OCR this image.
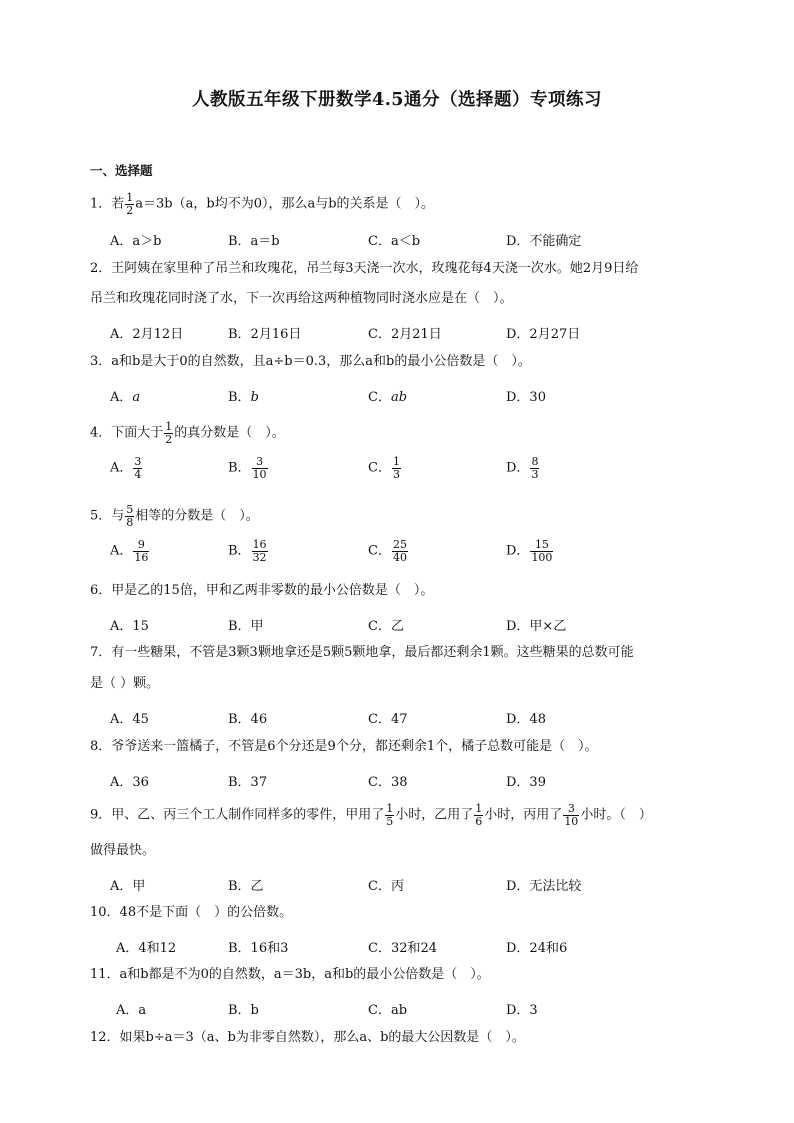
人教版五年级下册数学4.5通分（选择题）专项练习
一、选择题
1．若 $\frac{1}{2} a=3b(a$，b均不为0），那么a与b的关系是（　）。
A．a＞b	B．a＝b	C．a＜b	D．不能确定
2．王阿姨在家里种了吊兰和玫瑰花，吊兰每3天浇一次水，玫瑰花每4天浇一次水。她2月9日给
吊兰和玫瑰花同时浇了水，下一次再给这两种植物同时浇水应是在（　）。
A．2月12日	B．2月16日	C．2月21日	D．2月27日
3．a和b是大于0的自然数，且a÷b＝0.3，那么a和b的最小公倍数是（　）。
A．a	B．b	C．ab	D．30
4．下面大于 $\frac{1}{2}$ 的真分数是（　）。
A． $\frac{3}{4}$	B． $\frac{3}{10}$	C． $\frac{1}{3}$	D． $\frac{8}{3}$
5．与 $\frac{5}{8}$ 相等的分数是（　）。
A． $\frac{9}{16}$	B． $\frac{16}{32}$	C． $\frac{25}{40}$	D． $\frac{15}{100}$
6．甲是乙的15倍，甲和乙两非零数的最小公倍数是（　）。
A．15	B．甲	C．乙	D．甲×乙
7．有一些糖果，不管是3颗3颗地拿还是5颗5颗地拿，最后都还剩余1颗。这些糖果的总数可能
是（ ）颗。
A．45	B．46	C．47	D．48
8．爷爷送来一篮橘子，不管是6个分还是9个分，都还剩余1个，橘子总数可能是（　）。
A．36	B．37	C．38	D．39
9．甲、乙、丙三个工人制作同样多的零件，甲用了 $\frac{1}{5}$ 小时，乙用了 $\frac{1}{6}$ 小时，丙用了 $\frac{3}{10}$ 小时。（　）
做得最快。
A．甲	B．乙	C．丙	D．无法比较
10．48不是下面（　）的公倍数。
A．4和12	B．16和3	C．32和24	D．24和6
11．a和b都是不为0的自然数，a＝3b，a和b的最小公倍数是（　）。
A．a	B．b	C．ab	D．3
12．如果b÷a＝3（a、b为非零自然数），那么a、b的最大公因数是（　）。
